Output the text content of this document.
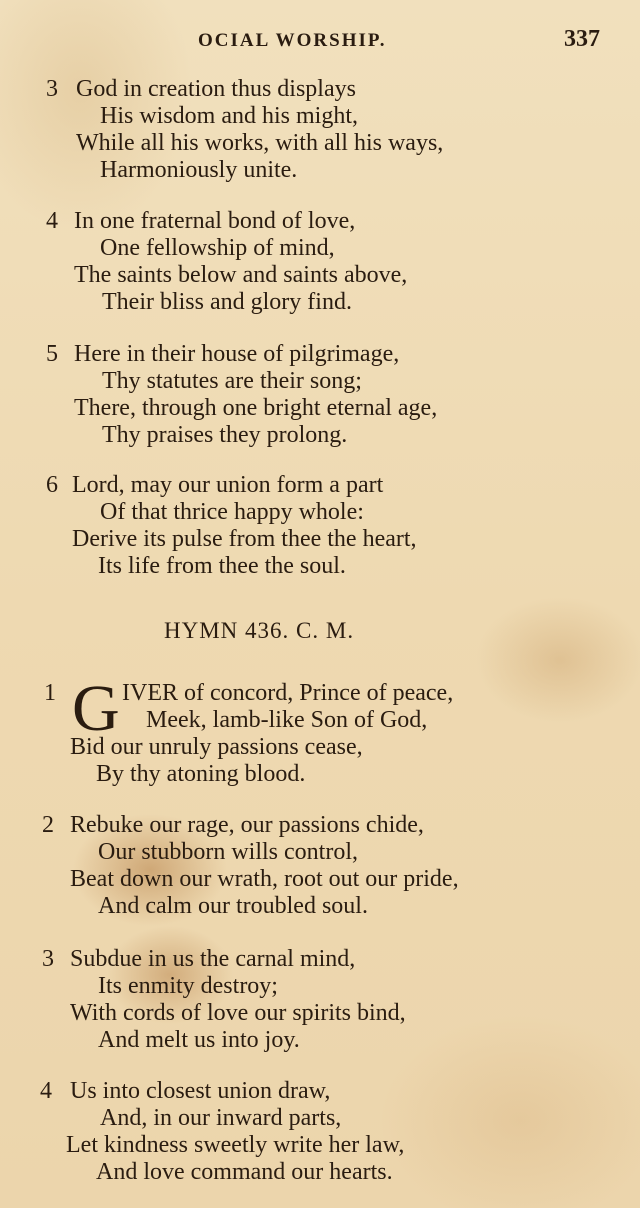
OCIAL WORSHIP.	337
3 God in creation thus displays
His wisdom and his might,
While all his works, with all his ways,
Harmoniously unite.
4 In one fraternal bond of love,
One fellowship of mind,
The saints below and saints above,
Their bliss and glory find.
5 Here in their house of pilgrimage,
Thy statutes are their song;
There, through one bright eternal age,
Thy praises they prolong.
6 Lord, may our union form a part
Of that thrice happy whole:
Derive its pulse from thee the heart,
Its life from thee the soul.
HYMN 436. C. M.
1	IVER of concord, Prince of peace,
Meek, lamb-like Son of God,
Bid our unruly passions cease,
By thy atoning blood.
G
2 Rebuke our rage, our passions chide,
Our stubborn wills control,
Beat down our wrath, root out our pride,
And calm our troubled soul.
3 Subdue in us the carnal mind,
Its enmity destroy;
With cords of love our spirits bind,
And melt us into joy.
4 Us into closest union draw,
And, in our inward parts,
Let kindness sweetly write her law,
And love command our hearts.
